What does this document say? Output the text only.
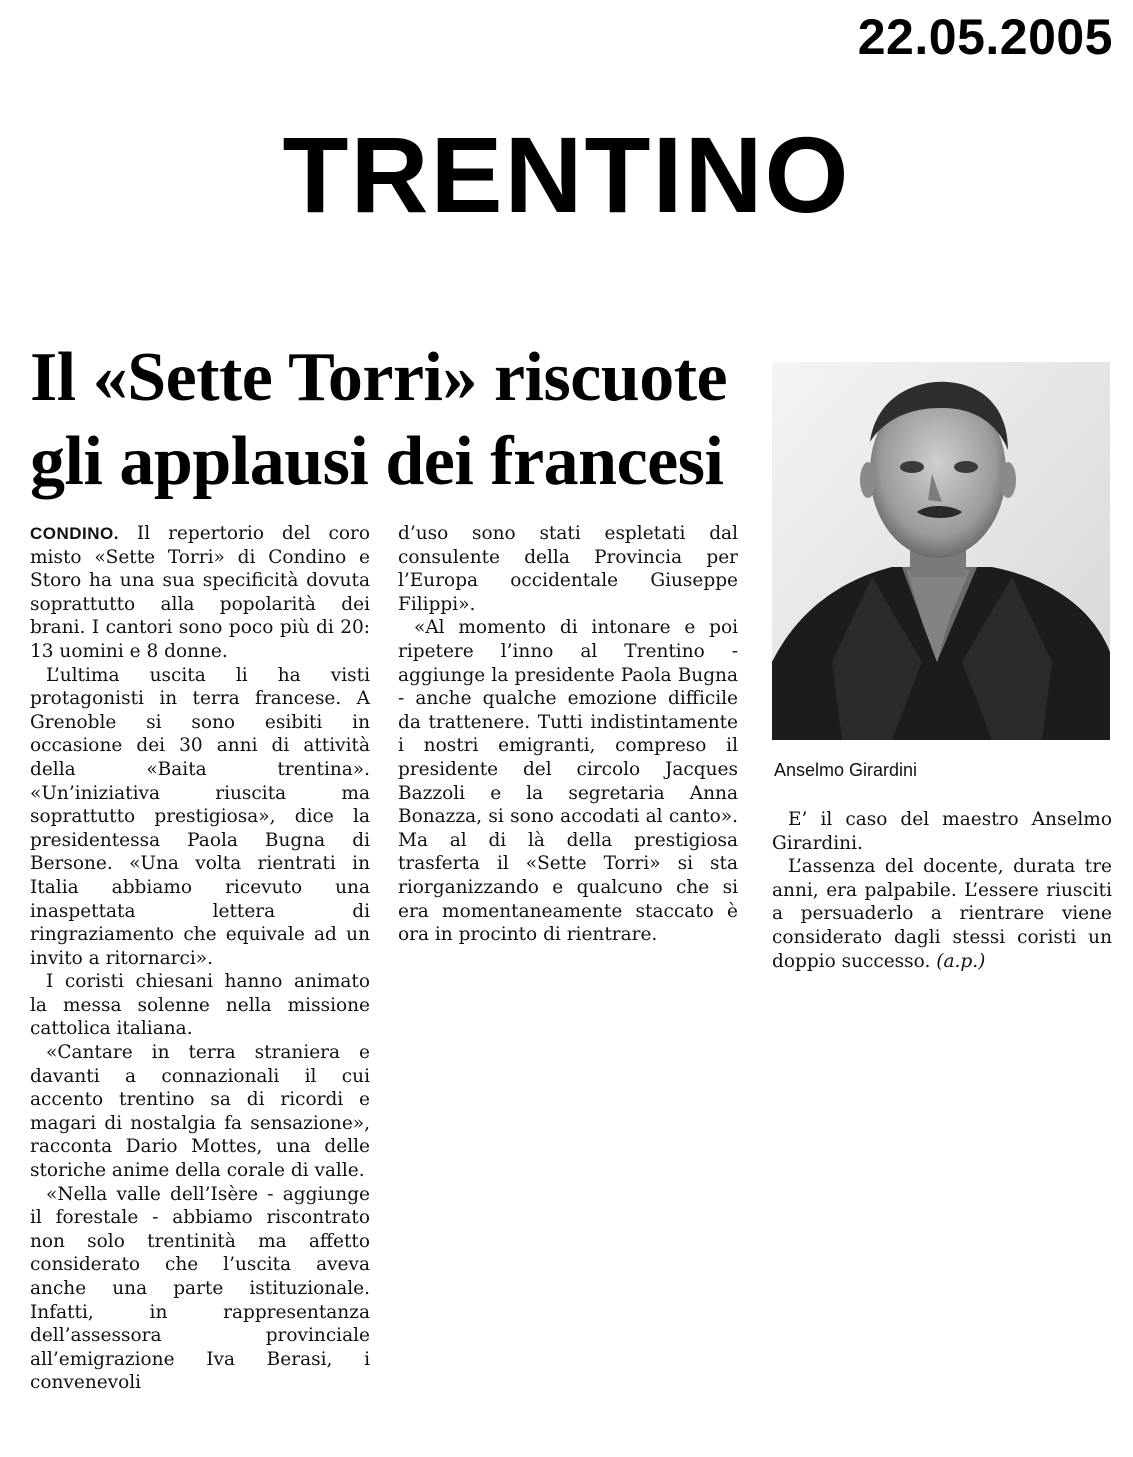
22.05.2005
TRENTINO
Il «Sette Torri» riscuote
gli applausi dei francesi

CONDINO. Il repertorio del coro misto «Sette Torri» di Condino e Storo ha una sua specificità dovuta soprattutto alla popolarità dei brani. I cantori sono poco più di 20: 13 uomini e 8 donne.

L’ultima uscita li ha visti protagonisti in terra francese. A Grenoble si sono esibiti in occasione dei 30 anni di attività della «Baita trentina». «Un’iniziativa riuscita ma soprattutto prestigiosa», dice la presidentessa Paola Bugna di Bersone. «Una volta rientrati in Italia abbiamo ricevuto una inaspettata lettera di ringraziamento che equivale ad un invito a ritornarci».

I coristi chiesani hanno animato la messa solenne nella missione cattolica italiana.

«Cantare in terra straniera e davanti a connazionali il cui accento trentino sa di ricordi e magari di nostalgia fa sensazione», racconta Dario Mottes, una delle storiche anime della corale di valle.

«Nella valle dell’Isère - aggiunge il forestale - abbiamo riscontrato non solo trentinità ma affetto considerato che l’uscita aveva anche una parte istituzionale. Infatti, in rappresentanza dell’assessora provinciale all’emigrazione Iva Berasi, i convenevoli

d’uso sono stati espletati dal consulente della Provincia per l’Europa occidentale Giuseppe Filippi».

«Al momento di intonare e poi ripetere l’inno al Trentino - aggiunge la presidente Paola Bugna - anche qualche emozione difficile da trattenere. Tutti indistintamente i nostri emigranti, compreso il presidente del circolo Jacques Bazzoli e la segretaria Anna Bonazza, si sono accodati al canto». Ma al di là della prestigiosa trasferta il «Sette Torri» si sta riorganizzando e qualcuno che si era momentaneamente staccato è ora in procinto di rientrare.

Anselmo Girardini

E’ il caso del maestro Anselmo Girardini.

L’assenza del docente, durata tre anni, era palpabile. L’essere riusciti a persuaderlo a rientrare viene considerato dagli stessi coristi un doppio successo. (a.p.)
